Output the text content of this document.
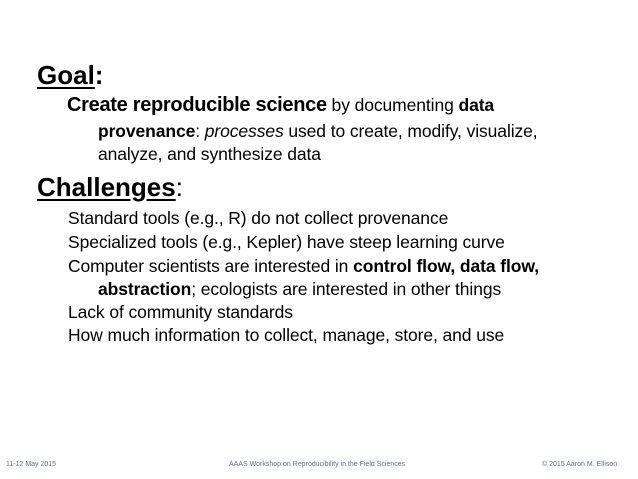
Goal:
Create reproducible science by documenting data
provenance: processes used to create, modify, visualize,
analyze, and synthesize data
Challenges:
Standard tools (e.g., R) do not collect provenance
Specialized tools (e.g., Kepler) have steep learning curve
Computer scientists are interested in control flow, data flow,
abstraction; ecologists are interested in other things
Lack of community standards
How much information to collect, manage, store, and use
11-12 May 2015	AAAS Workshop on Reproducibility in the Field Sciences	© 2015 Aaron M. Ellison
